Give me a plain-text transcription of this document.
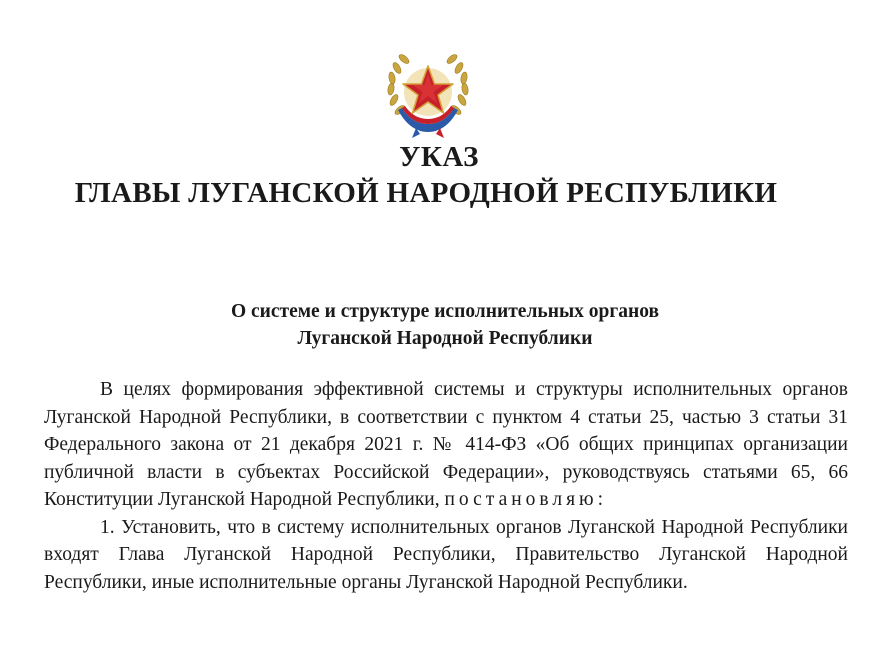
УКАЗ
ГЛАВЫ ЛУГАНСКОЙ НАРОДНОЙ РЕСПУБЛИКИ
О системе и структуре исполнительных органов
Луганской Народной Республики

В целях формирования эффективной системы и структуры исполнительных органов Луганской Народной Республики, в соответствии с пунктом 4 статьи 25, частью 3 статьи 31 Федерального закона от 21 декабря 2021 г. № 414-ФЗ «Об общих принципах организации публичной власти в субъектах Российской Федерации», руководствуясь статьями 65, 66 Конституции Луганской Народной Республики, постановляю:

1. Установить, что в систему исполнительных органов Луганской Народной Республики входят Глава Луганской Народной Республики, Правительство Луганской Народной Республики, иные исполнительные органы Луганской Народной Республики.
